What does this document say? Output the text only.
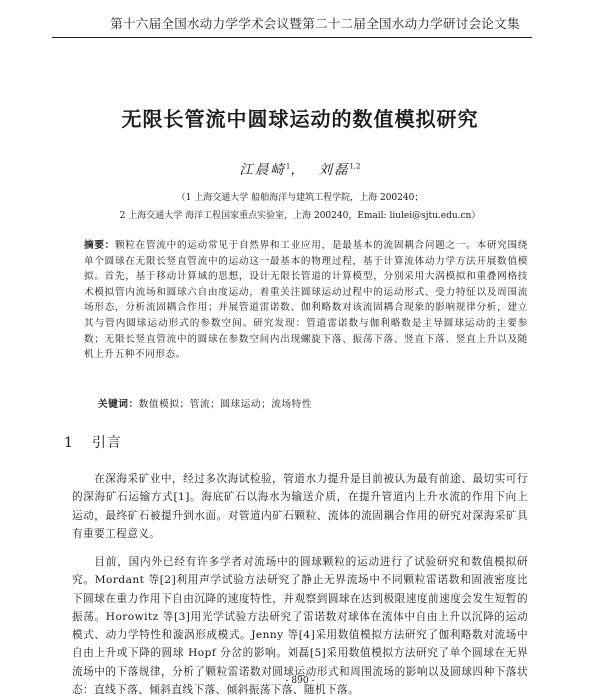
第十六届全国水动力学学术会议暨第二十二届全国水动力学研讨会论文集
无限长管流中圆球运动的数值模拟研究
江晨崎$^1$，  刘磊$^{1,2}$
（1 上海交通大学 船舶海洋与建筑工程学院，上海 200240；
2 上海交通大学 海洋工程国家重点实验室，上海 200240，Email: liulei@sjtu.edu.cn）
摘要：颗粒在管流中的运动常见于自然界和工业应用，是最基本的流固耦合问题之一。本研究围绕单个圆球在无限长竖直管流中的运动这一最基本的物理过程，基于计算流体动力学方法开展数值模拟。首先，基于移动计算域的思想，设计无限长管道的计算模型，分别采用大涡模拟和重叠网格技术模拟管内流场和圆球六自由度运动，着重关注圆球运动过程中的运动形式、受力特征以及周围流场形态，分析流固耦合作用；并展管道雷诺数、伽利略数对该流固耦合现象的影响规律分析，建立其与管内圆球运动形式的参数空间。研究发现：管道雷诺数与伽利略数是主导圆球运动的主要参数；无限长竖直管流中的圆球在参数空间内出现螺旋下落、振荡下落、竖直下落、竖直上升以及随机上升五种不同形态。
关键词：数值模拟；管流；圆球运动；流场特性
1 引言
在深海采矿业中，经过多次海试检验，管道水力提升是目前被认为最有前途、最切实可行的深海矿石运输方式[1]。海底矿石以海水为输送介质，在提升管道内上升水流的作用下向上运动，最终矿石被提升到水面。对管道内矿石颗粒、流体的流固耦合作用的研究对深海采矿具有重要工程意义。
目前，国内外已经有许多学者对流场中的圆球颗粒的运动进行了试验研究和数值模拟研究。Mordant 等[2]利用声学试验方法研究了静止无界流场中不同颗粒雷诺数和固液密度比下圆球在重力作用下自由沉降的速度特性，并观察到圆球在达到极限速度前速度会发生短暂的振荡。Horowitz 等[3]用光学试验方法研究了雷诺数对球体在流体中自由上升以沉降的运动模式、动力学特性和漩涡形成模式。Jenny 等[4]采用数值模拟方法研究了伽利略数对流场中自由上升或下降的圆球 Hopf 分岔的影响。刘磊[5]采用数值模拟方法研究了单个圆球在无界流场中的下落规律，分析了颗粒雷诺数对圆球运动形式和周围流场的影响以及圆球四种下落状态：直线下落、倾斜直线下落、倾斜振荡下落、随机下落。
- 890 -
